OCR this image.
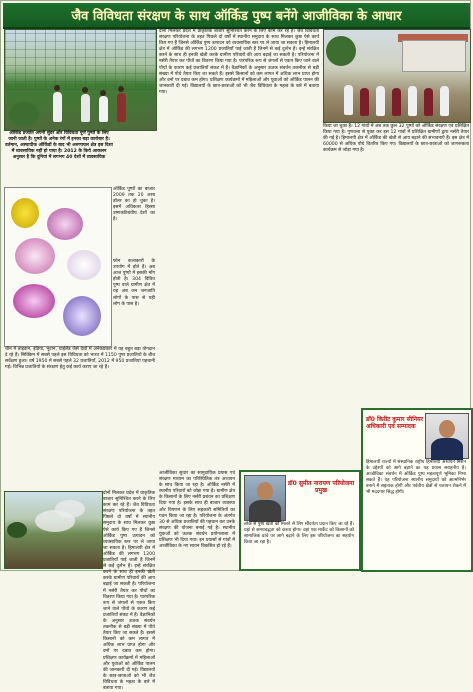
जैव विविधता संरक्षण के साथ ऑर्किड पुष्प बनेंगे आजीविका के आधार
ऑर्किड प्रजाति अपनी सुंदर और विविधता पूर्ण पुष्पों के लिए जानी जाती है। पुष्पों के अनेक रंगों में इनका बड़ा कारोबार है। वर्तमान, अस्थायीक ऑर्किडों के बाद भी अरुणाचल क्षेत्र इस दिशा में व्यवसायिक नहीं हो पाया है। 2012 के किये आकलन अनुसार है कि दुनियां में लगभग 40 देशों में व्यवसायिक
ऑर्किड पुष्पों का बाजार 2009 तक 20 अरब डॉलर का हो चुका है। इसमें अधिकतर हिस्सा उष्णकटिबंधीय देशों का है।
फोन कलाकारों के उपयोग में होते हैं। अब आज पुष्पों में इसकी माँग होती है। 304 विविध पुष्प वाले ग्रामीण क्षेत्र में यह अब जन जनजाति लोगों के पास से यही लोग के पास है।
चीन में ताइवान, इंडिया, भूटान, थाईलैंड जैसे देशों में अनेकप्रकार में यह बहुत बड़ा योगदान दे रहे हैं। सिक्किम में सबसे पहले इस विविधता को भारत में 1150 पुष्प प्रजातियों के बीच सर्वेक्षण हुआ। वर्ष 1950 में सबसे पहले 32 प्रजातियाँ, 2012 में 950 प्रजातियां पहचानी गई। विभिन्न प्रजातियों के संरक्षण हेतु कई कार्य कराए जा रहे हैं।
दोनों मिलकर प्रदेश में प्राकृतिक बाजार सुनिश्चित करने के लिए काम कर रहे हैं। जैव विविधता संरक्षण परियोजना के तहत पिछले दो वर्षों में स्थानीय समुदाय के साथ मिलकर कुछ ऐसे कार्य किए गए हैं जिनसे ऑर्किड पुष्प उत्पादन को व्यवसायिक स्तर पर ले जाया जा सकता है। हिमालयी क्षेत्र में ऑर्किड की लगभग 1200 प्रजातियाँ पाई जाती हैं जिनमें से कई दुर्लभ हैं। इन्हें संरक्षित करने के साथ ही इनकी खेती करके ग्रामीण परिवारों की आय बढ़ाई जा सकती है। परियोजना में नर्सरी तैयार कर पौधों का वितरण किया गया है। पारंपरिक रूप से जंगलों से एकत्र किए जाने वाले पौधों के कारण कई प्रजातियाँ संकट में हैं। वैज्ञानिकों के अनुसार ऊतक संवर्धन तकनीक से बड़ी संख्या में पौधे तैयार किए जा सकते हैं। इससे किसानों को कम लागत में अधिक लाभ प्राप्त होगा और वनों पर दबाव कम होगा। प्रशिक्षण कार्यक्रमों में महिलाओं और युवाओं को ऑर्किड पालन की जानकारी दी गई। विद्यालयों के छात्र-छात्राओं को भी जैव विविधता के महत्व के बारे में बताया गया।
दोनों मिलकर प्रदेश में प्राकृतिक बाजार सुनिश्चित करने के लिए काम कर रहे हैं। जैव विविधता संरक्षण परियोजना के तहत पिछले दो वर्षों में स्थानीय समुदाय के साथ मिलकर कुछ ऐसे कार्य किए गए हैं जिनसे ऑर्किड पुष्प उत्पादन को व्यवसायिक स्तर पर ले जाया जा सकता है। हिमालयी क्षेत्र में ऑर्किड की लगभग 1200 प्रजातियाँ पाई जाती हैं जिनमें से कई दुर्लभ हैं। इन्हें संरक्षित करने के साथ ही इनकी खेती करके ग्रामीण परिवारों की आय बढ़ाई जा सकती है। परियोजना में नर्सरी तैयार कर पौधों का वितरण किया गया है। पारंपरिक रूप से जंगलों से एकत्र किए जाने वाले पौधों के कारण कई प्रजातियाँ संकट में हैं। वैज्ञानिकों के अनुसार ऊतक संवर्धन तकनीक से बड़ी संख्या में पौधे तैयार किए जा सकते हैं। इससे किसानों को कम लागत में अधिक लाभ प्राप्त होगा और वनों पर दबाव कम होगा। प्रशिक्षण कार्यक्रमों में महिलाओं और युवाओं को ऑर्किड पालन की जानकारी दी गई। विद्यालयों के छात्र-छात्राओं को भी जैव विविधता के महत्व के बारे में बताया गया।
आजीविका सुधार का सामुदायिक प्रयास एवं संरक्षण माध्यम का परिस्थितिक तंत्र अध्ययन के साथ किया जा रहा है। ऑर्किड नर्सरी में स्थानीय परिवारों को जोड़ा गया है। ग्रामीण क्षेत्र के किसानों के लिए नर्सरी प्रबंधन का प्रशिक्षण दिया गया है। इसके साथ ही बाजार व्यवस्था और विपणन के लिए सहकारी समितियों का गठन किया जा रहा है। परियोजना के अंतर्गत 30 से अधिक प्रजातियों की पहचान कर उनके संरक्षण की योजना बनाई गई है। स्थानीय युवाओं को ऊतक संवर्धन प्रयोगशाला में प्रशिक्षण भी दिया गया। इन प्रयासों से गांवों में आजीविका के नए साधन विकसित हो रहे हैं।
किया जा चुका है। 12 गांवों में अब तक कुल 32 पुष्पों को ऑर्किड संरक्षण एवं प्रशिक्षित किया गया है। गुणवत्ता से युक्त कर इस 12 गांवों में प्रशिक्षित ग्रामीणों द्वारा नर्सरी तैयार की गई है। हिमालयी क्षेत्र में ऑर्किड की खेती से आय बढ़ाने की संभावनाएँ हैं। इस क्षेत्र में 60000 से अधिक पौधे वितरित किए गए। विद्यालयों के छात्र-छात्राओं को जागरूकता कार्यक्रम से जोड़ा गया है।
डॉ0 सुमीत नारायण परियोजना प्रमुख
लोक से पुष्प खेती को मिलने से लिए सौंदर्यता प्रदान किए जा रहे हैं। यहां से समयबद्धता को करता होगा। वहां एक मार्केट को किसानों को सामाजिक ढांचे पर आगे बढ़ाने के लिए इस परियोजना का सहयोग किया जा रहा है।
डॉ0 किरीट कुमार सीनियर अधिकारी एवं सम्पादक
हिमालयी राज्यों में संस्थानिक राष्ट्रीय हिमालयी अध्ययन मिशन के उद्देश्यों को आगे बढ़ाने का यह प्रयास सराहनीय है। आजीविका संवर्धन में ऑर्किड पुष्प महत्वपूर्ण भूमिका निभा सकते हैं। यह परियोजना स्थानीय समुदायों को आत्मनिर्भर बनाने में सहायक होगी और पर्वतीय क्षेत्रों से पलायन रोकने में भी मददगार सिद्ध होगी।
